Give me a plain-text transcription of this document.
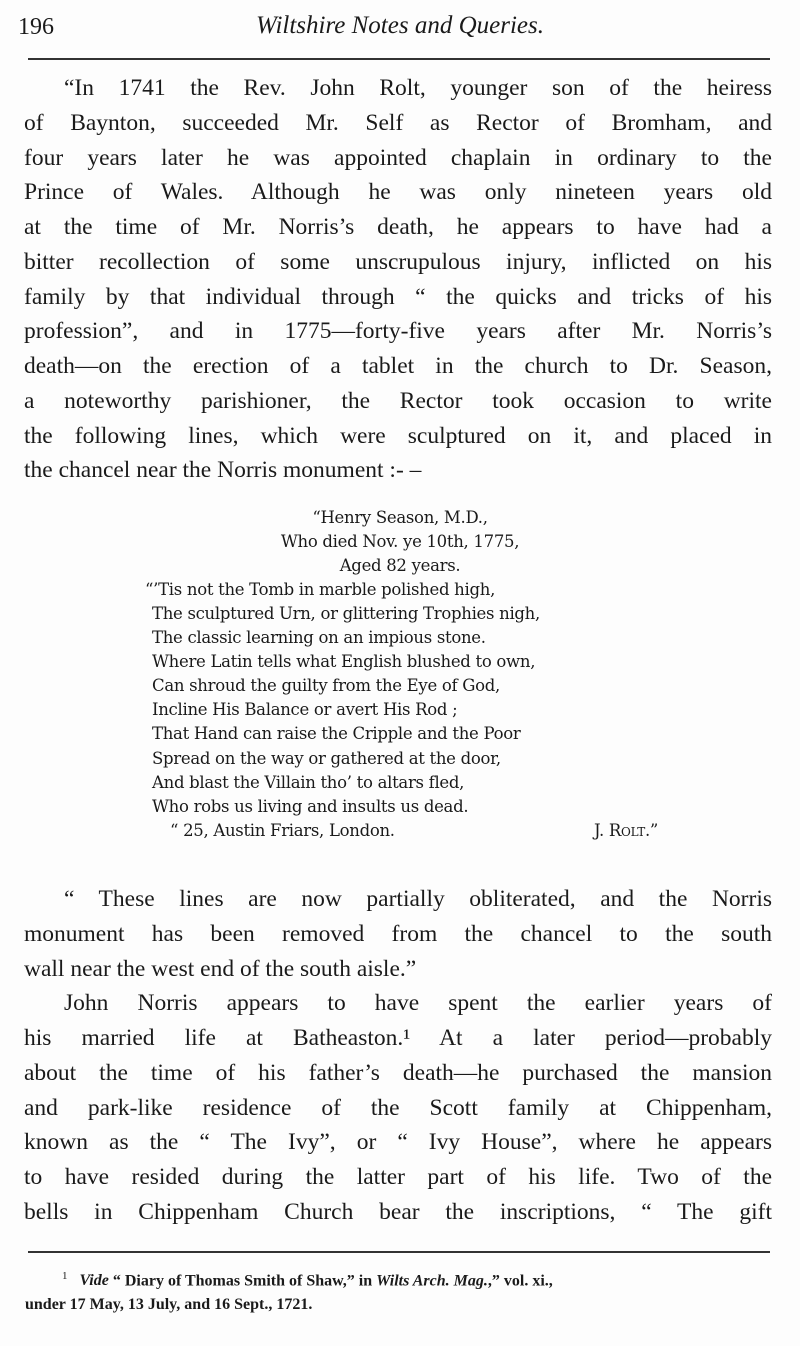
196	Wiltshire Notes and Queries.
“In 1741 the Rev. John Rolt, younger son of the heiress
of Baynton, succeeded Mr. Self as Rector of Bromham, and
four years later he was appointed chaplain in ordinary to the
Prince of Wales. Although he was only nineteen years old
at the time of Mr. Norris’s death, he appears to have had a
bitter recollection of some unscrupulous injury, inflicted on his
family by that individual through “ the quicks and tricks of his
profession”, and in 1775—forty-five years after Mr. Norris’s
death—on the erection of a tablet in the church to Dr. Season,
a noteworthy parishioner, the Rector took occasion to write
the following lines, which were sculptured on it, and placed in
the chancel near the Norris monument :- –
“Henry Season, M.D.,
Who died Nov. ye 10th, 1775,
Aged 82 years.
“’Tis not the Tomb in marble polished high,
The sculptured Urn, or glittering Trophies nigh,
The classic learning on an impious stone.
Where Latin tells what English blushed to own,
Can shroud the guilty from the Eye of God,
Incline His Balance or avert His Rod ;
That Hand can raise the Cripple and the Poor
Spread on the way or gathered at the door,
And blast the Villain tho’ to altars fled,
Who robs us living and insults us dead.
“ 25, Austin Friars, London.	J. Rolt.”
“ These lines are now partially obliterated, and the Norris
monument has been removed from the chancel to the south
wall near the west end of the south aisle.”
John Norris appears to have spent the earlier years of
his married life at Batheaston.¹ At a later period—probably
about the time of his father’s death—he purchased the mansion
and park-like residence of the Scott family at Chippenham,
known as the “ The Ivy”, or “ Ivy House”, where he appears
to have resided during the latter part of his life. Two of the
bells in Chippenham Church bear the inscriptions, “ The gift
$^1$ Vide “ Diary of Thomas Smith of Shaw,” in Wilts Arch. Mag.,” vol. xi.,
under 17 May, 13 July, and 16 Sept., 1721.
